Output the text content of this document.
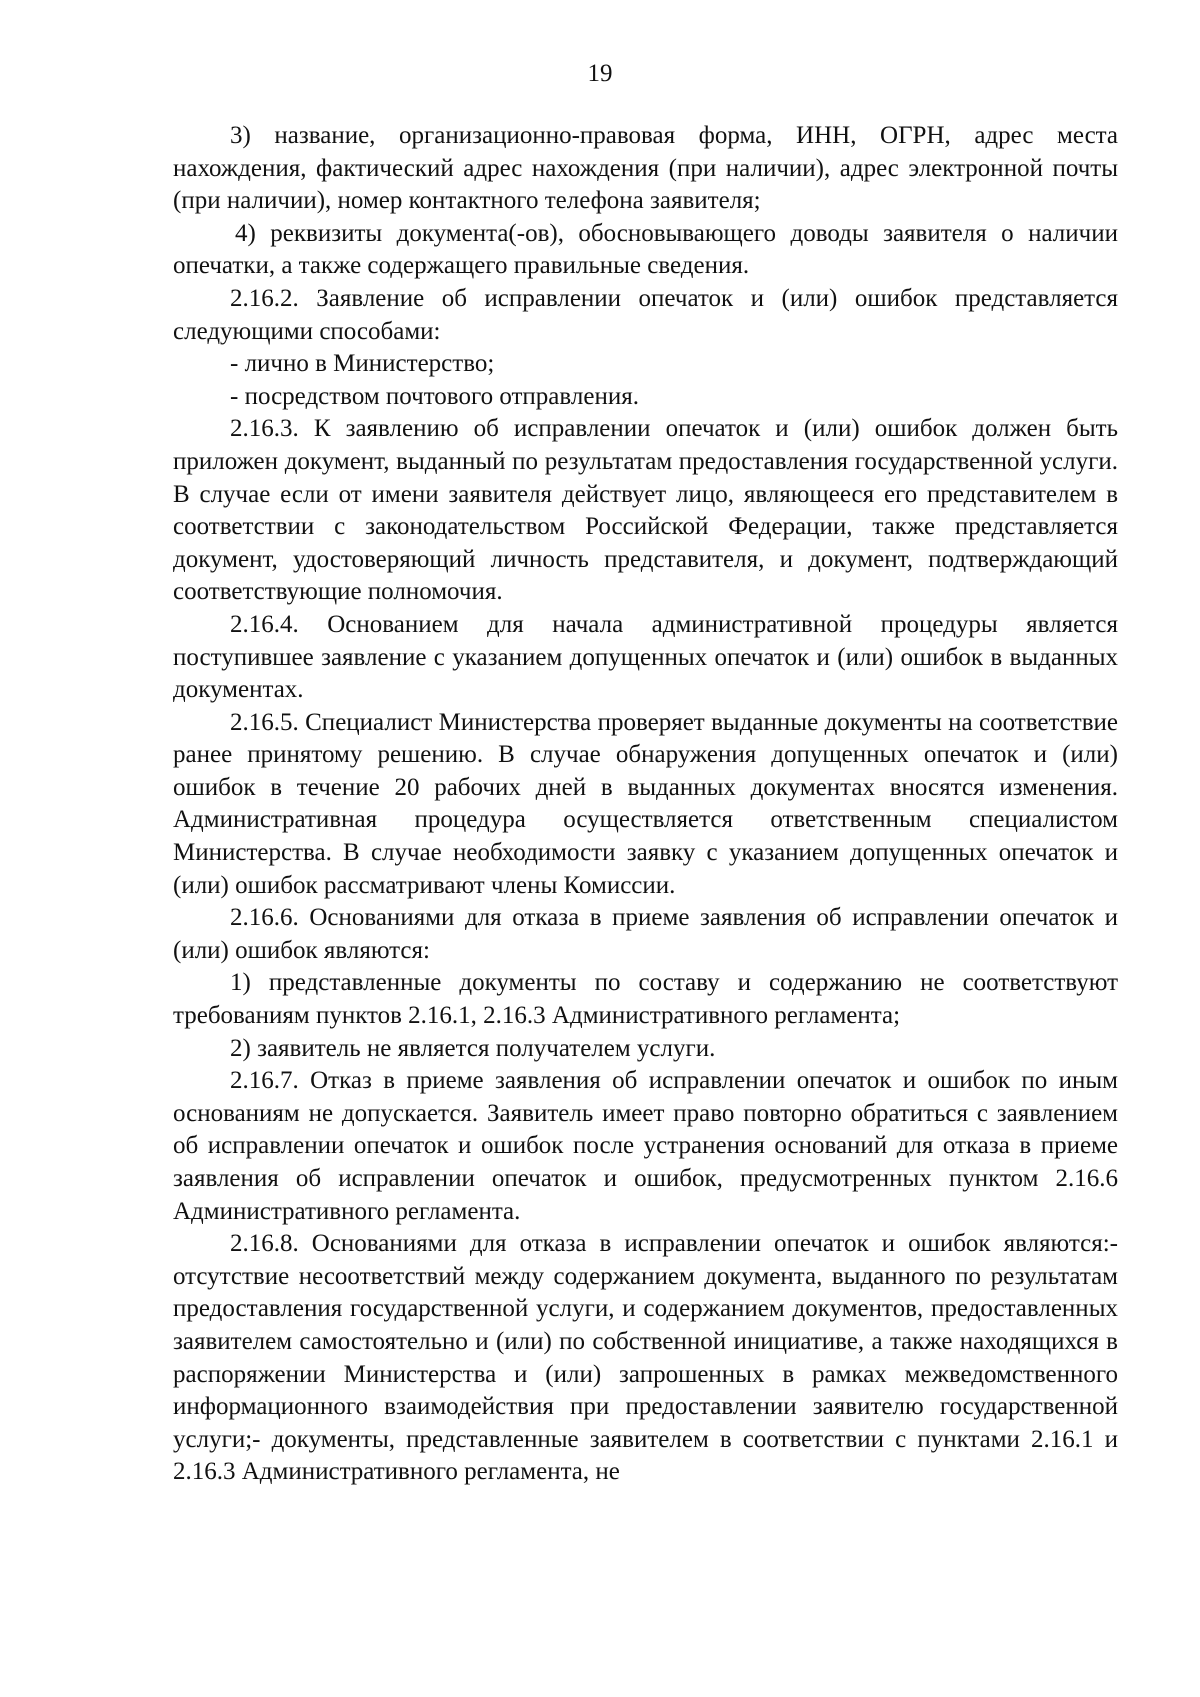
19

3) название, организационно-правовая форма, ИНН, ОГРН, адрес места нахождения, фактический адрес нахождения (при наличии), адрес электронной почты (при наличии), номер контактного телефона заявителя;

4) реквизиты документа(-ов), обосновывающего доводы заявителя о наличии опечатки, а также содержащего правильные сведения.

2.16.2. Заявление об исправлении опечаток и (или) ошибок представляется следующими способами:

- лично в Министерство;

- посредством почтового отправления.

2.16.3. К заявлению об исправлении опечаток и (или) ошибок должен быть приложен документ, выданный по результатам предоставления государственной услуги. В случае если от имени заявителя действует лицо, являющееся его представителем в соответствии с законодательством Российской Федерации, также представляется документ, удостоверяющий личность представителя, и документ, подтверждающий соответствующие полномочия.

2.16.4. Основанием для начала административной процедуры является поступившее заявление с указанием допущенных опечаток и (или) ошибок в выданных документах.

2.16.5. Специалист Министерства проверяет выданные документы на соответствие ранее принятому решению. В случае обнаружения допущенных опечаток и (или) ошибок в течение 20 рабочих дней в выданных документах вносятся изменения. Административная процедура осуществляется ответственным специалистом Министерства. В случае необходимости заявку с указанием допущенных опечаток и (или) ошибок рассматривают члены Комиссии.

2.16.6. Основаниями для отказа в приеме заявления об исправлении опечаток и (или) ошибок являются:

1) представленные документы по составу и содержанию не соответствуют требованиям пунктов 2.16.1, 2.16.3 Административного регламента;

2) заявитель не является получателем услуги.

2.16.7. Отказ в приеме заявления об исправлении опечаток и ошибок по иным основаниям не допускается. Заявитель имеет право повторно обратиться с заявлением об исправлении опечаток и ошибок после устранения оснований для отказа в приеме заявления об исправлении опечаток и ошибок, предусмотренных пунктом 2.16.6 Административного регламента.

2.16.8. Основаниями для отказа в исправлении опечаток и ошибок являются:- отсутствие несоответствий между содержанием документа, выданного по результатам предоставления государственной услуги, и содержанием документов, предоставленных заявителем самостоятельно и (или) по собственной инициативе, а также находящихся в распоряжении Министерства и (или) запрошенных в рамках межведомственного информационного взаимодействия при предоставлении заявителю государственной услуги;- документы, представленные заявителем в соответствии с пунктами 2.16.1 и 2.16.3 Административного регламента, не
